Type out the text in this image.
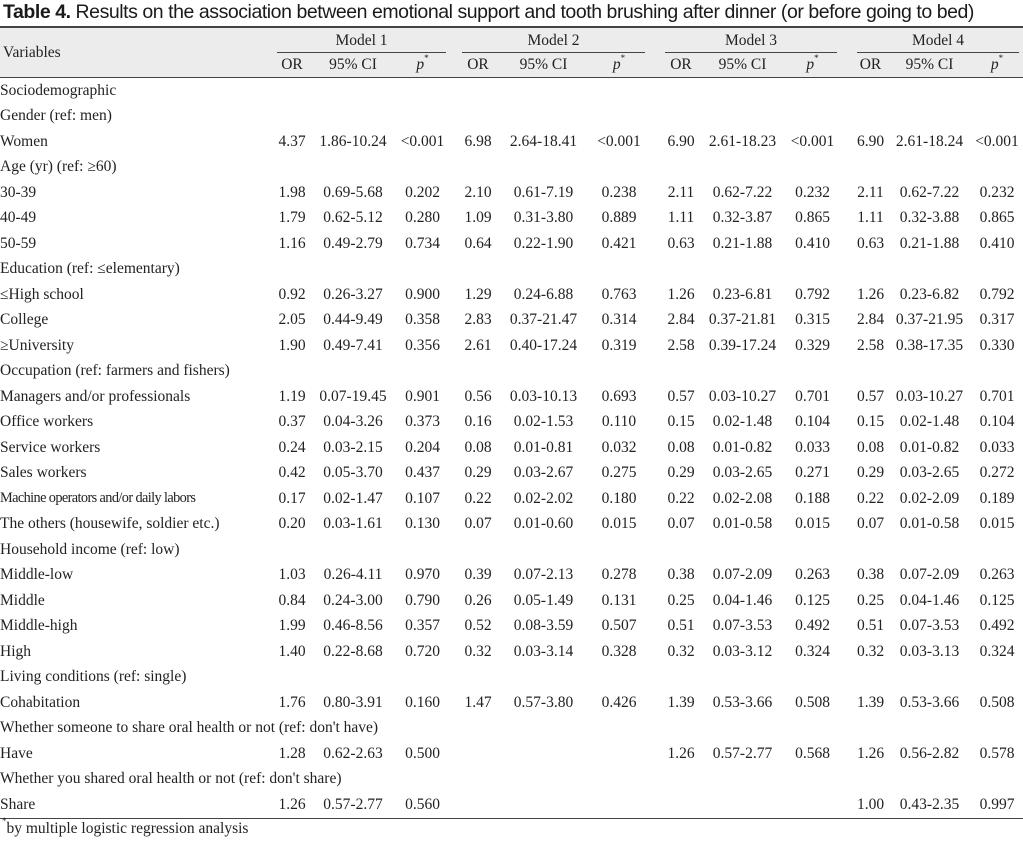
Table 4. Results on the association between emotional support and tooth brushing after dinner (or before going to bed)
Variables	Model 1				Model 2				Model 3				Model 4		

	OR	95% CI	p*		OR	95% CI	p*		OR	95% CI	p*		OR	95% CI	p*
Sociodemographic															
Gender (ref: men)															
Women	4.37	1.86-10.24	<0.001		6.98	2.64-18.41	<0.001		6.90	2.61-18.23	<0.001		6.90	2.61-18.24	<0.001
Age (yr) (ref: ≥60)															
30-39	1.98	0.69-5.68	0.202		2.10	0.61-7.19	0.238		2.11	0.62-7.22	0.232		2.11	0.62-7.22	0.232
40-49	1.79	0.62-5.12	0.280		1.09	0.31-3.80	0.889		1.11	0.32-3.87	0.865		1.11	0.32-3.88	0.865
50-59	1.16	0.49-2.79	0.734		0.64	0.22-1.90	0.421		0.63	0.21-1.88	0.410		0.63	0.21-1.88	0.410
Education (ref: ≤elementary)															
≤High school	0.92	0.26-3.27	0.900		1.29	0.24-6.88	0.763		1.26	0.23-6.81	0.792		1.26	0.23-6.82	0.792
College	2.05	0.44-9.49	0.358		2.83	0.37-21.47	0.314		2.84	0.37-21.81	0.315		2.84	0.37-21.95	0.317
≥University	1.90	0.49-7.41	0.356		2.61	0.40-17.24	0.319		2.58	0.39-17.24	0.329		2.58	0.38-17.35	0.330
Occupation (ref: farmers and fishers)															
Managers and/or professionals	1.19	0.07-19.45	0.901		0.56	0.03-10.13	0.693		0.57	0.03-10.27	0.701		0.57	0.03-10.27	0.701
Office workers	0.37	0.04-3.26	0.373		0.16	0.02-1.53	0.110		0.15	0.02-1.48	0.104		0.15	0.02-1.48	0.104
Service workers	0.24	0.03-2.15	0.204		0.08	0.01-0.81	0.032		0.08	0.01-0.82	0.033		0.08	0.01-0.82	0.033
Sales workers	0.42	0.05-3.70	0.437		0.29	0.03-2.67	0.275		0.29	0.03-2.65	0.271		0.29	0.03-2.65	0.272
Machine operators and/or daily labors	0.17	0.02-1.47	0.107		0.22	0.02-2.02	0.180		0.22	0.02-2.08	0.188		0.22	0.02-2.09	0.189
The others (housewife, soldier etc.)	0.20	0.03-1.61	0.130		0.07	0.01-0.60	0.015		0.07	0.01-0.58	0.015		0.07	0.01-0.58	0.015
Household income (ref: low)															
Middle-low	1.03	0.26-4.11	0.970		0.39	0.07-2.13	0.278		0.38	0.07-2.09	0.263		0.38	0.07-2.09	0.263
Middle	0.84	0.24-3.00	0.790		0.26	0.05-1.49	0.131		0.25	0.04-1.46	0.125		0.25	0.04-1.46	0.125
Middle-high	1.99	0.46-8.56	0.357		0.52	0.08-3.59	0.507		0.51	0.07-3.53	0.492		0.51	0.07-3.53	0.492
High	1.40	0.22-8.68	0.720		0.32	0.03-3.14	0.328		0.32	0.03-3.12	0.324		0.32	0.03-3.13	0.324
Living conditions (ref: single)															
Cohabitation	1.76	0.80-3.91	0.160		1.47	0.57-3.80	0.426		1.39	0.53-3.66	0.508		1.39	0.53-3.66	0.508
Whether someone to share oral health or not (ref: don't have)															
Have	1.28	0.62-2.63	0.500						1.26	0.57-2.77	0.568		1.26	0.56-2.82	0.578
Whether you shared oral health or not (ref: don't share)															
Share	1.26	0.57-2.77	0.560										1.00	0.43-2.35	0.997
*by multiple logistic regression analysis
